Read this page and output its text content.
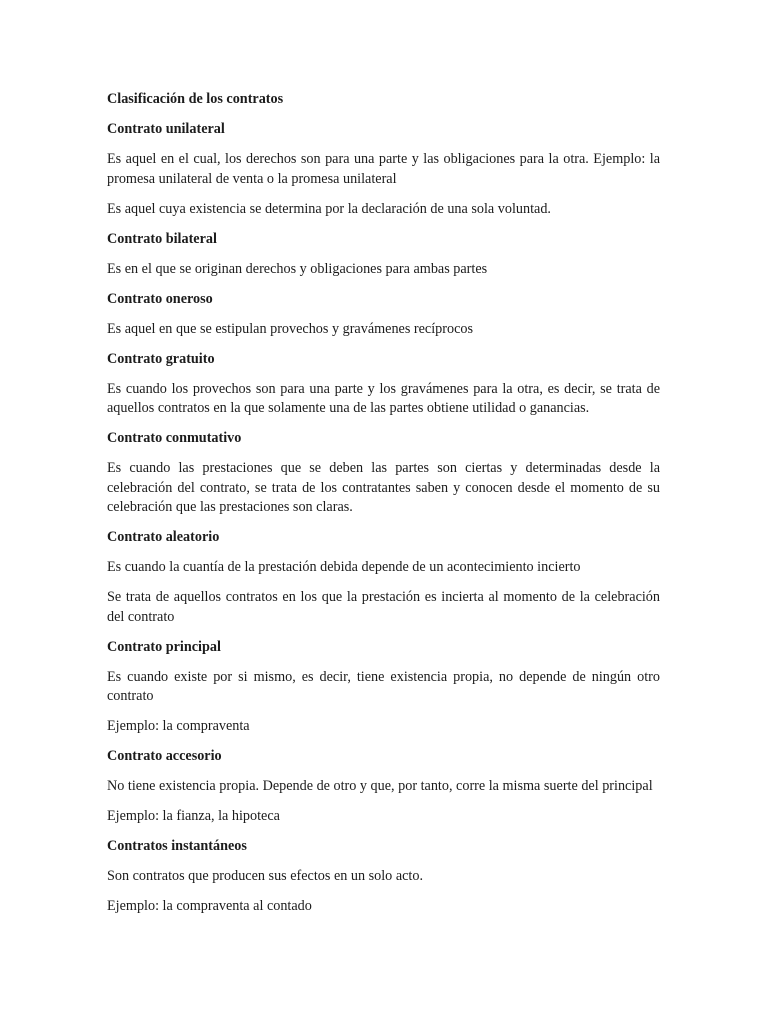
Clasificación de los contratos
Contrato unilateral
Es aquel en el cual, los derechos son para una parte y las obligaciones para la otra. Ejemplo: la promesa unilateral de venta o la promesa unilateral
Es aquel cuya existencia se determina por la declaración de una sola voluntad.
Contrato bilateral
Es en el que se originan derechos y obligaciones para ambas partes
Contrato oneroso
Es aquel en que se estipulan provechos y gravámenes recíprocos
Contrato gratuito
Es cuando los provechos son para una parte y los gravámenes para la otra, es decir, se trata de aquellos contratos en la que solamente una de las partes obtiene utilidad o ganancias.
Contrato conmutativo
Es cuando las prestaciones que se deben las partes son ciertas y determinadas desde la celebración del contrato, se trata de los contratantes saben y conocen desde el momento de su celebración que las prestaciones son claras.
Contrato aleatorio
Es cuando la cuantía de la prestación debida depende de un acontecimiento incierto
Se trata de aquellos contratos en los que la prestación es incierta al momento de la celebración del contrato
Contrato principal
Es cuando existe por si mismo, es decir, tiene existencia propia, no depende de ningún otro contrato
Ejemplo: la compraventa
Contrato accesorio
No tiene existencia propia. Depende de otro y que, por tanto, corre la misma suerte del principal
Ejemplo: la fianza, la hipoteca
Contratos instantáneos
Son contratos que producen sus efectos en un solo acto.
Ejemplo: la compraventa al contado
